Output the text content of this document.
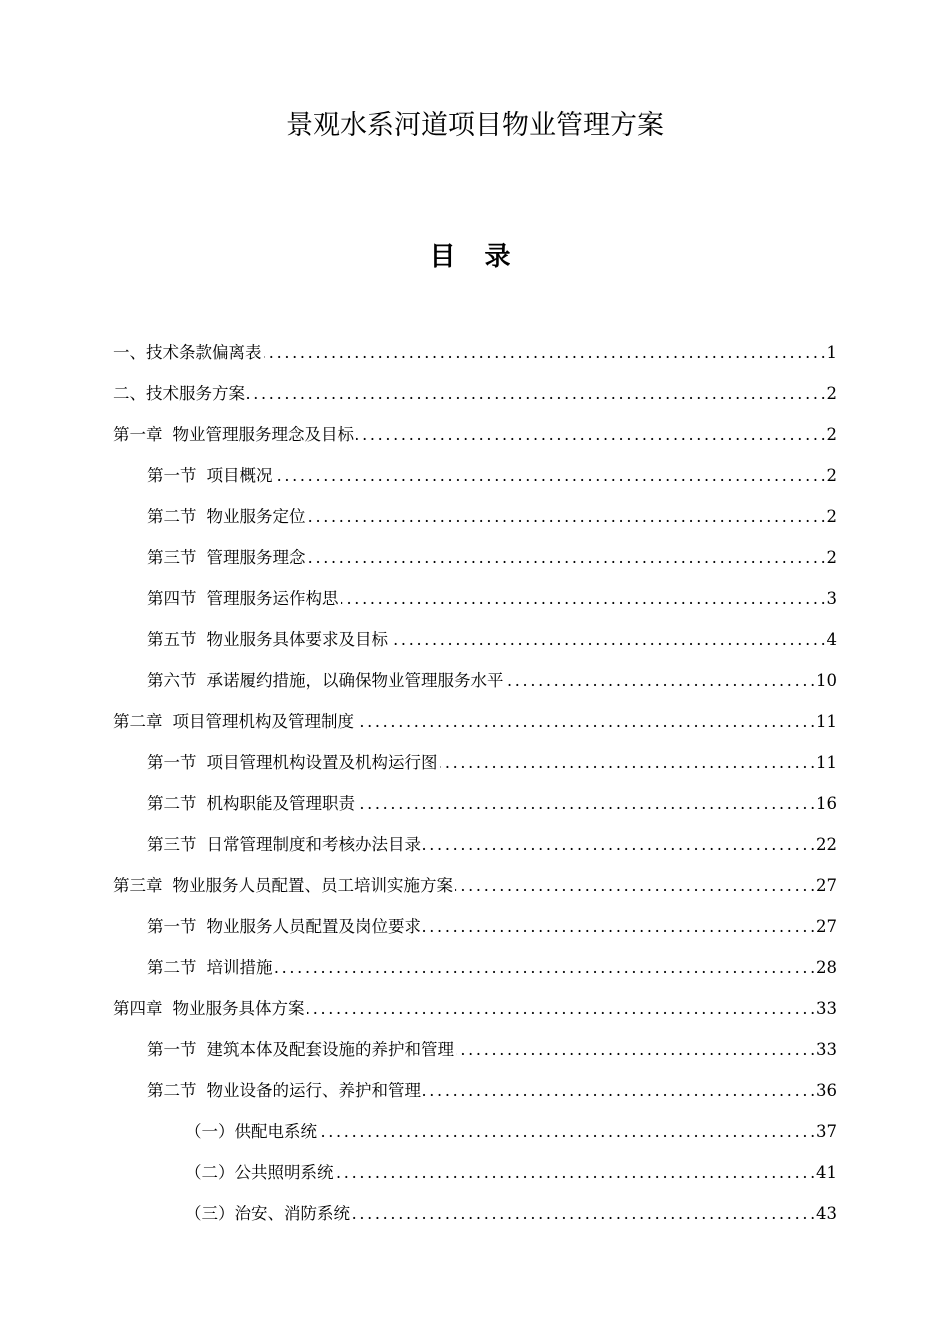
景观水系河道项目物业管理方案
目 录
一、技术条款偏离表 . . .	1
二、技术服务方案 . . .	2
第一章 物业管理服务理念及目标 . . .	2
第一节 项目概况 . . .	2
第二节 物业服务定位 . . .	2
第三节 管理服务理念 . . .	2
第四节 管理服务运作构思 . . .	3
第五节 物业服务具体要求及目标 . . .	4
第六节 承诺履约措施，以确保物业管理服务水平 . . .	10
第二章 项目管理机构及管理制度 . . .	11
第一节 项目管理机构设置及机构运行图 . . .	11
第二节 机构职能及管理职责 . . .	16
第三节 日常管理制度和考核办法目录 . . .	22
第三章 物业服务人员配置、员工培训实施方案 . . .	27
第一节 物业服务人员配置及岗位要求 . . .	27
第二节 培训措施 . . .	28
第四章 物业服务具体方案 . . .	33
第一节 建筑本体及配套设施的养护和管理 . . .	33
第二节 物业设备的运行、养护和管理 . . .	36
（一）供配电系统 . . .	37
（二）公共照明系统 . . .	41
（三）治安、消防系统 . . .	43
